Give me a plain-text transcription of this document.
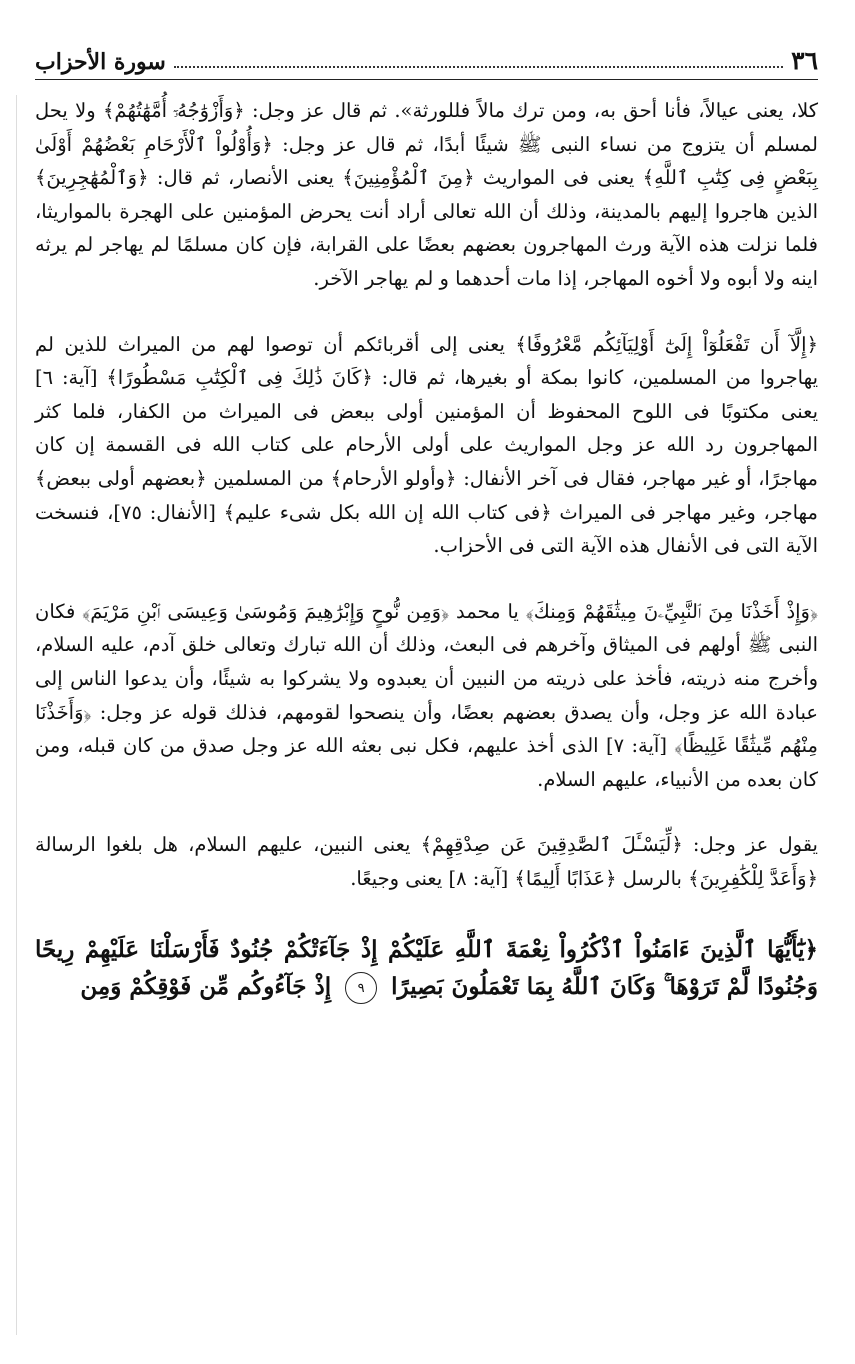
٣٦
سورة الأحزاب

كلا، يعنى عيالاً، فأنا أحق به، ومن ترك مالاً فللورثة». ثم قال عز وجل: ﴿وَأَزْوَٰجُهُۥٓ أُمَّهَٰتُهُمْ﴾ ولا يحل لمسلم أن يتزوج من نساء النبى ﷺ شيئًا أبدًا، ثم قال عز وجل: ﴿وَأُوْلُواْ ٱلْأَرْحَامِ بَعْضُهُمْ أَوْلَىٰ بِبَعْضٍ فِى كِتَٰبِ ٱللَّهِ﴾ يعنى فى المواريث ﴿مِنَ ٱلْمُؤْمِنِينَ﴾ يعنى الأنصار، ثم قال: ﴿وَٱلْمُهَٰجِرِينَ﴾ الذين هاجروا إليهم بالمدينة، وذلك أن الله تعالى أراد أنت يحرض المؤمنين على الهجرة بالمواريثا، فلما نزلت هذه الآية ورث المهاجرون بعضهم بعضًا على القرابة، فإن كان مسلمًا لم يهاجر لم يرثه اينه ولا أبوه ولا أخوه المهاجر، إذا مات أحدهما و لم يهاجر الآخر.

﴿إِلَّآ أَن تَفْعَلُوٓاْ إِلَىٰٓ أَوْلِيَآئِكُم مَّعْرُوفًا﴾ يعنى إلى أقربائكم أن توصوا لهم من الميراث للذين لم يهاجروا من المسلمين، كانوا بمكة أو بغيرها، ثم قال: ﴿كَانَ ذَٰلِكَ فِى ٱلْكِتَٰبِ مَسْطُورًا﴾ [آية: ٦] يعنى مكتوبًا فى اللوح المحفوظ أن المؤمنين أولى ببعض فى الميراث من الكفار، فلما كثر المهاجرون رد الله عز وجل المواريث على أولى الأرحام على كتاب الله فى القسمة إن كان مهاجرًا، أو غير مهاجر، فقال فى آخر الأنفال: ﴿وأولو الأرحام﴾ من المسلمين ﴿بعضهم أولى ببعض﴾ مهاجر، وغير مهاجر فى الميراث ﴿فى كتاب الله إن الله بكل شىء عليم﴾ [الأنفال: ٧٥]، فنسخت الآية التى فى الأنفال هذه الآية التى فى الأحزاب.

﴿وَإِذْ أَخَذْنَا مِنَ ٱلنَّبِيِّۦنَ مِيثَٰقَهُمْ وَمِنكَ﴾ يا محمد ﴿وَمِن نُّوحٍ وَإِبْرَٰهِيمَ وَمُوسَىٰ وَعِيسَى ٱبْنِ مَرْيَمَ﴾ فكان النبى ﷺ أولهم فى الميثاق وآخرهم فى البعث، وذلك أن الله تبارك وتعالى خلق آدم، عليه السلام، وأخرج منه ذريته، فأخذ على ذريته من النبين أن يعبدوه ولا يشركوا به شيئًا، وأن يدعوا الناس إلى عبادة الله عز وجل، وأن يصدق بعضهم بعضًا، وأن ينصحوا لقومهم، فذلك قوله عز وجل: ﴿وَأَخَذْنَا مِنْهُم مِّيثَٰقًا غَلِيظًا﴾ [آية: ٧] الذى أخذ عليهم، فكل نبى بعثه الله عز وجل صدق من كان قبله، ومن كان بعده من الأنبياء، عليهم السلام.

يقول عز وجل: ﴿لِّيَسْـَٔلَ ٱلصَّٰدِقِينَ عَن صِدْقِهِمْ﴾ يعنى النبين، عليهم السلام، هل بلغوا الرسالة ﴿وَأَعَدَّ لِلْكَٰفِرِينَ﴾ بالرسل ﴿عَذَابًا أَلِيمًا﴾ [آية: ٨] يعنى وجيعًا.

﴿يَٰٓأَيُّهَا ٱلَّذِينَ ءَامَنُواْ ٱذْكُرُواْ نِعْمَةَ ٱللَّهِ عَلَيْكُمْ إِذْ جَآءَتْكُمْ جُنُودٌ فَأَرْسَلْنَا عَلَيْهِمْ رِيحًا وَجُنُودًا لَّمْ تَرَوْهَا ۚ وَكَانَ ٱللَّهُ بِمَا تَعْمَلُونَ بَصِيرًا ٩ إِذْ جَآءُوكُم مِّن فَوْقِكُمْ وَمِن
